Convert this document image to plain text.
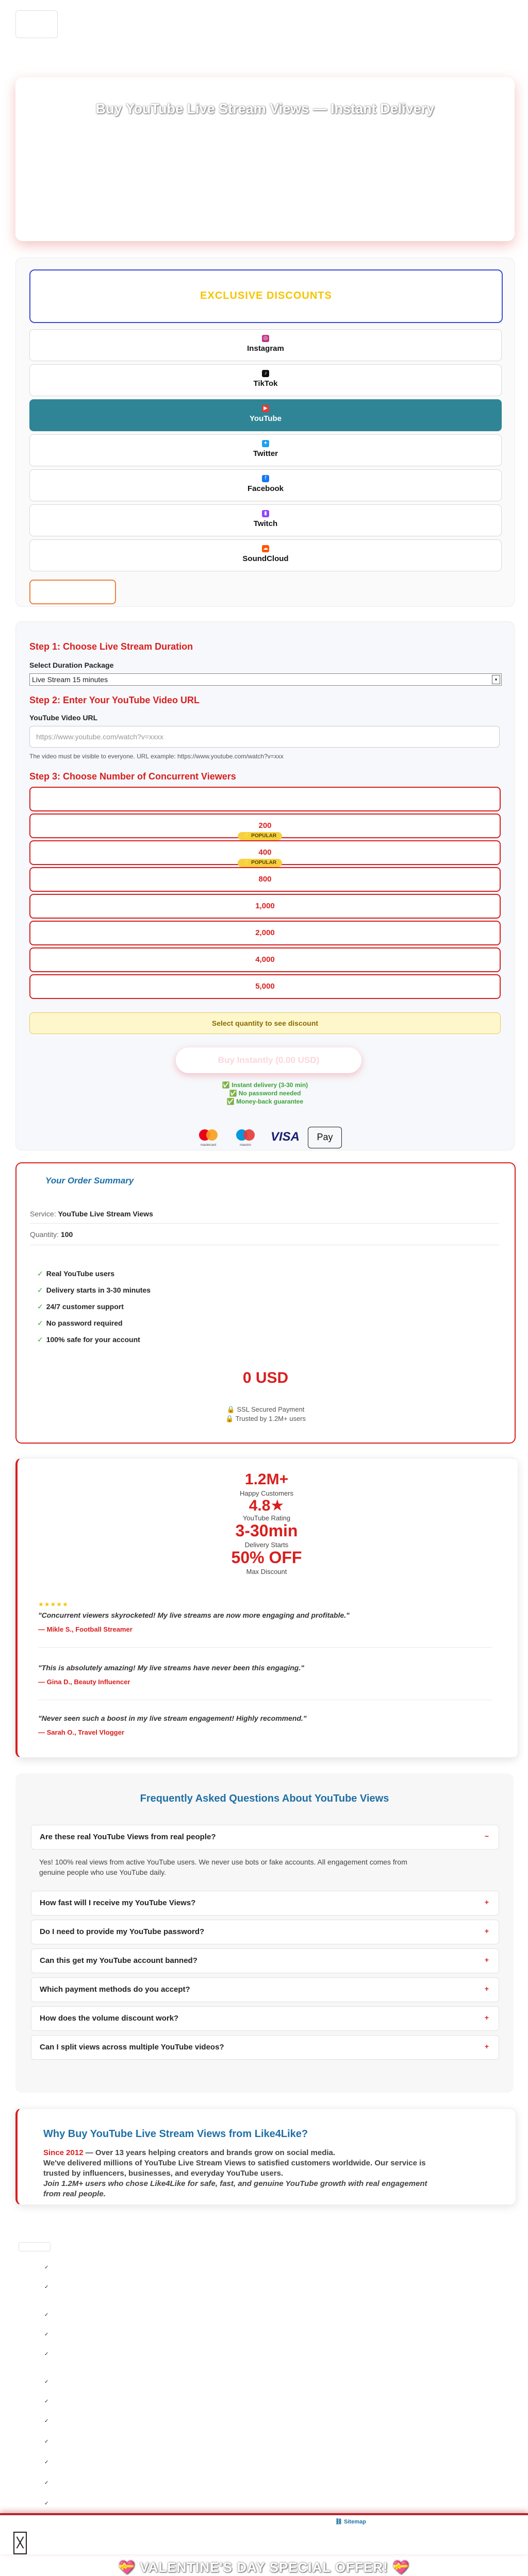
Buy YouTube Live Stream Views — Instant Delivery
EXCLUSIVE DISCOUNTS
◎
Instagram
♪
TikTok
▶
YouTube
✦
Twitter
f
Facebook
▮
Twitch
☁
SoundCloud
Step 1: Choose Live Stream Duration
Select Duration Package
Live Stream 15 minutes	▾
Step 2: Enter Your YouTube Video URL
YouTube Video URL
https://www.youtube.com/watch?v=xxxx
The video must be visible to everyone. URL example: https://www.youtube.com/watch?v=xxx
Step 3: Choose Number of Concurrent Viewers
200
⭐ POPULAR
400
⭐ POPULAR
800
1,000
2,000
4,000
5,000
Select quantity to see discount
Buy Instantly (0.00 USD)
✅ Instant delivery (3-30 min)
✅ No password needed
✅ Money-back guarantee
mastercard	maestro
VISA	Pay
Your Order Summary
Service: YouTube Live Stream Views
Quantity: 100
✓ Real YouTube users
✓ Delivery starts in 3-30 minutes
✓ 24/7 customer support
✓ No password required
✓ 100% safe for your account
0 USD
🔒 SSL Secured Payment
🔒 Trusted by 1.2M+ users
1.2M+
Happy Customers
4.8★
YouTube Rating
3-30min
Delivery Starts
50% OFF
Max Discount
★★★★★
"Concurrent viewers skyrocketed! My live streams are now more engaging and profitable."
— Mikle S., Football Streamer
"This is absolutely amazing! My live streams have never been this engaging."
— Gina D., Beauty Influencer
"Never seen such a boost in my live stream engagement! Highly recommend."
— Sarah O., Travel Vlogger
Frequently Asked Questions About YouTube Views
Are these real YouTube Views from real people?	−
Yes! 100% real views from active YouTube users. We never use bots or fake accounts. All engagement comes from
genuine people who use YouTube daily.
How fast will I receive my YouTube Views?	+
Do I need to provide my YouTube password?	+
Can this get my YouTube account banned?	+
Which payment methods do you accept?	+
How does the volume discount work?	+
Can I split views across multiple YouTube videos?	+
Why Buy YouTube Live Stream Views from Like4Like?

Since 2012 — Over 13 years helping creators and brands grow on social media.

We've delivered millions of YouTube Live Stream Views to satisfied customers worldwide. Our service is

trusted by influencers, businesses, and everyday YouTube users.

Join 1.2M+ users who chose Like4Like for safe, fast, and genuine YouTube growth with real engagement

from real people.

✓
✓
✓
✓
✓
✓
✓
✓
✓
✓
✓
✓
⛓ Sitemap
💝 VALENTINE'S DAY SPECIAL OFFER! 💝
